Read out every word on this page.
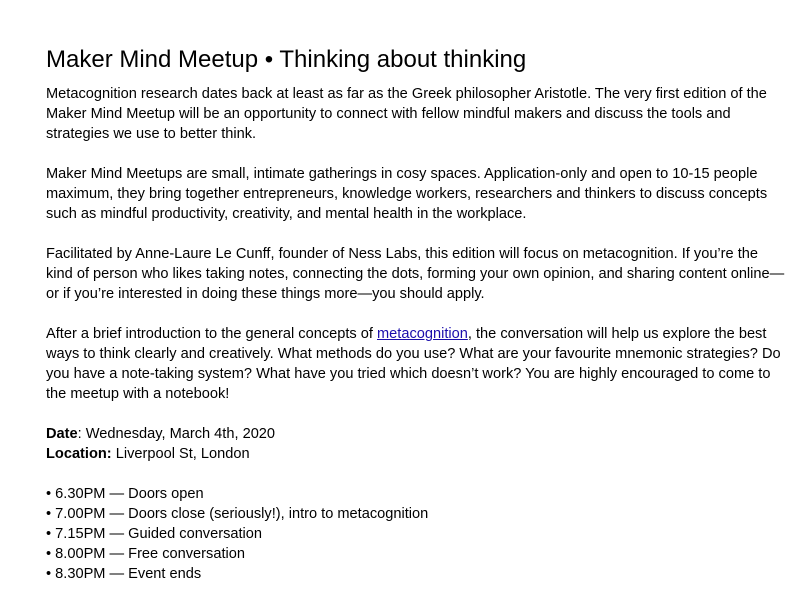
Maker Mind Meetup • Thinking about thinking

Metacognition research dates back at least as far as the Greek philosopher Aristotle. The very first edition of the Maker Mind Meetup will be an opportunity to connect with fellow mindful makers and discuss the tools and strategies we use to better think.

Maker Mind Meetups are small, intimate gatherings in cosy spaces. Application-only and open to 10-15 people maximum, they bring together entrepreneurs, knowledge workers, researchers and thinkers to discuss concepts such as mindful productivity, creativity, and mental health in the workplace.

Facilitated by Anne-Laure Le Cunff, founder of Ness Labs, this edition will focus on metacognition. If you’re the kind of person who likes taking notes, connecting the dots, forming your own opinion, and sharing content online—or if you’re interested in doing these things more—you should apply.

After a brief introduction to the general concepts of metacognition, the conversation will help us explore the best ways to think clearly and creatively. What methods do you use? What are your favourite mnemonic strategies? Do you have a note-taking system? What have you tried which doesn’t work? You are highly encouraged to come to the meetup with a notebook!

Date: Wednesday, March 4th, 2020
Location: Liverpool St, London
• 6.30PM — Doors open
• 7.00PM — Doors close (seriously!), intro to metacognition
• 7.15PM — Guided conversation
• 8.00PM — Free conversation
• 8.30PM — Event ends
